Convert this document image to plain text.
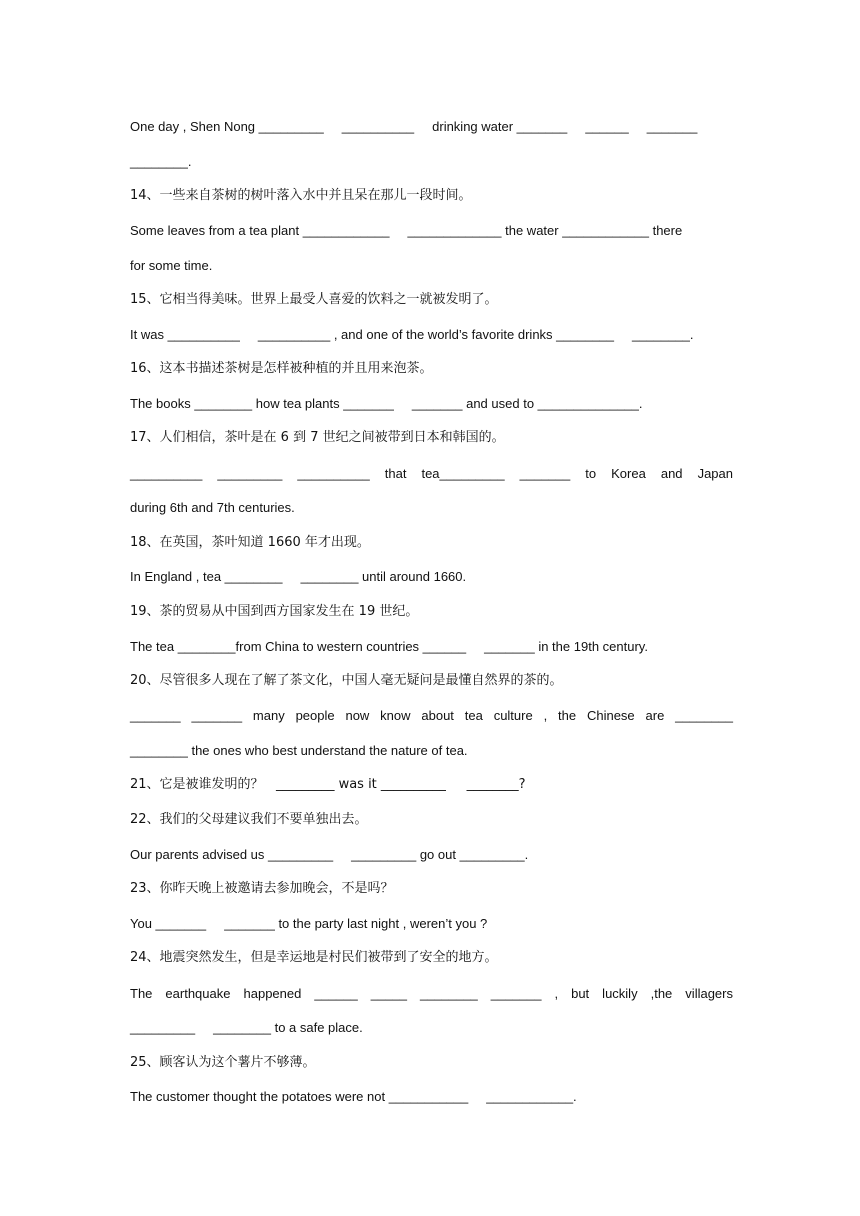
One day , Shen Nong _________     __________     drinking water _______     ______     _______
________.
14、一些来自茶树的树叶落入水中并且呆在那儿一段时间。
Some leaves from a tea plant ____________     _____________ the water ____________ there
for some time.
15、它相当得美味。世界上最受人喜爱的饮料之一就被发明了。
It was __________     __________ , and one of the world’s favorite drinks ________     ________.
16、这本书描述茶树是怎样被种植的并且用来泡茶。
The books ________ how tea plants _______     _______ and used to ______________.
17、人们相信，茶叶是在 6 到 7 世纪之间被带到日本和韩国的。
__________ _________ __________ that tea_________ _______ to Korea and Japan
during 6th and 7th centuries.
18、在英国，茶叶知道 1660 年才出现。
In England , tea ________     ________ until around 1660.
19、茶的贸易从中国到西方国家发生在 19 世纪。
The tea ________from China to western countries ______     _______ in the 19th century.
20、尽管很多人现在了解了茶文化，中国人毫无疑问是最懂自然界的茶的。
_______ _______ many people now know about tea culture , the Chinese are ________
________ the ones who best understand the nature of tea.
21、它是被谁发明的？   _________ was it __________     ________?
22、我们的父母建议我们不要单独出去。
Our parents advised us _________     _________ go out _________.
23、你昨天晚上被邀请去参加晚会，不是吗？
You _______     _______ to the party last night , weren’t you ?
24、地震突然发生，但是幸运地是村民们被带到了安全的地方。
The earthquake happened ______ _____ ________ _______ , but luckily ,the villagers
_________     ________ to a safe place.
25、顾客认为这个薯片不够薄。
The customer thought the potatoes were not ___________     ____________.
